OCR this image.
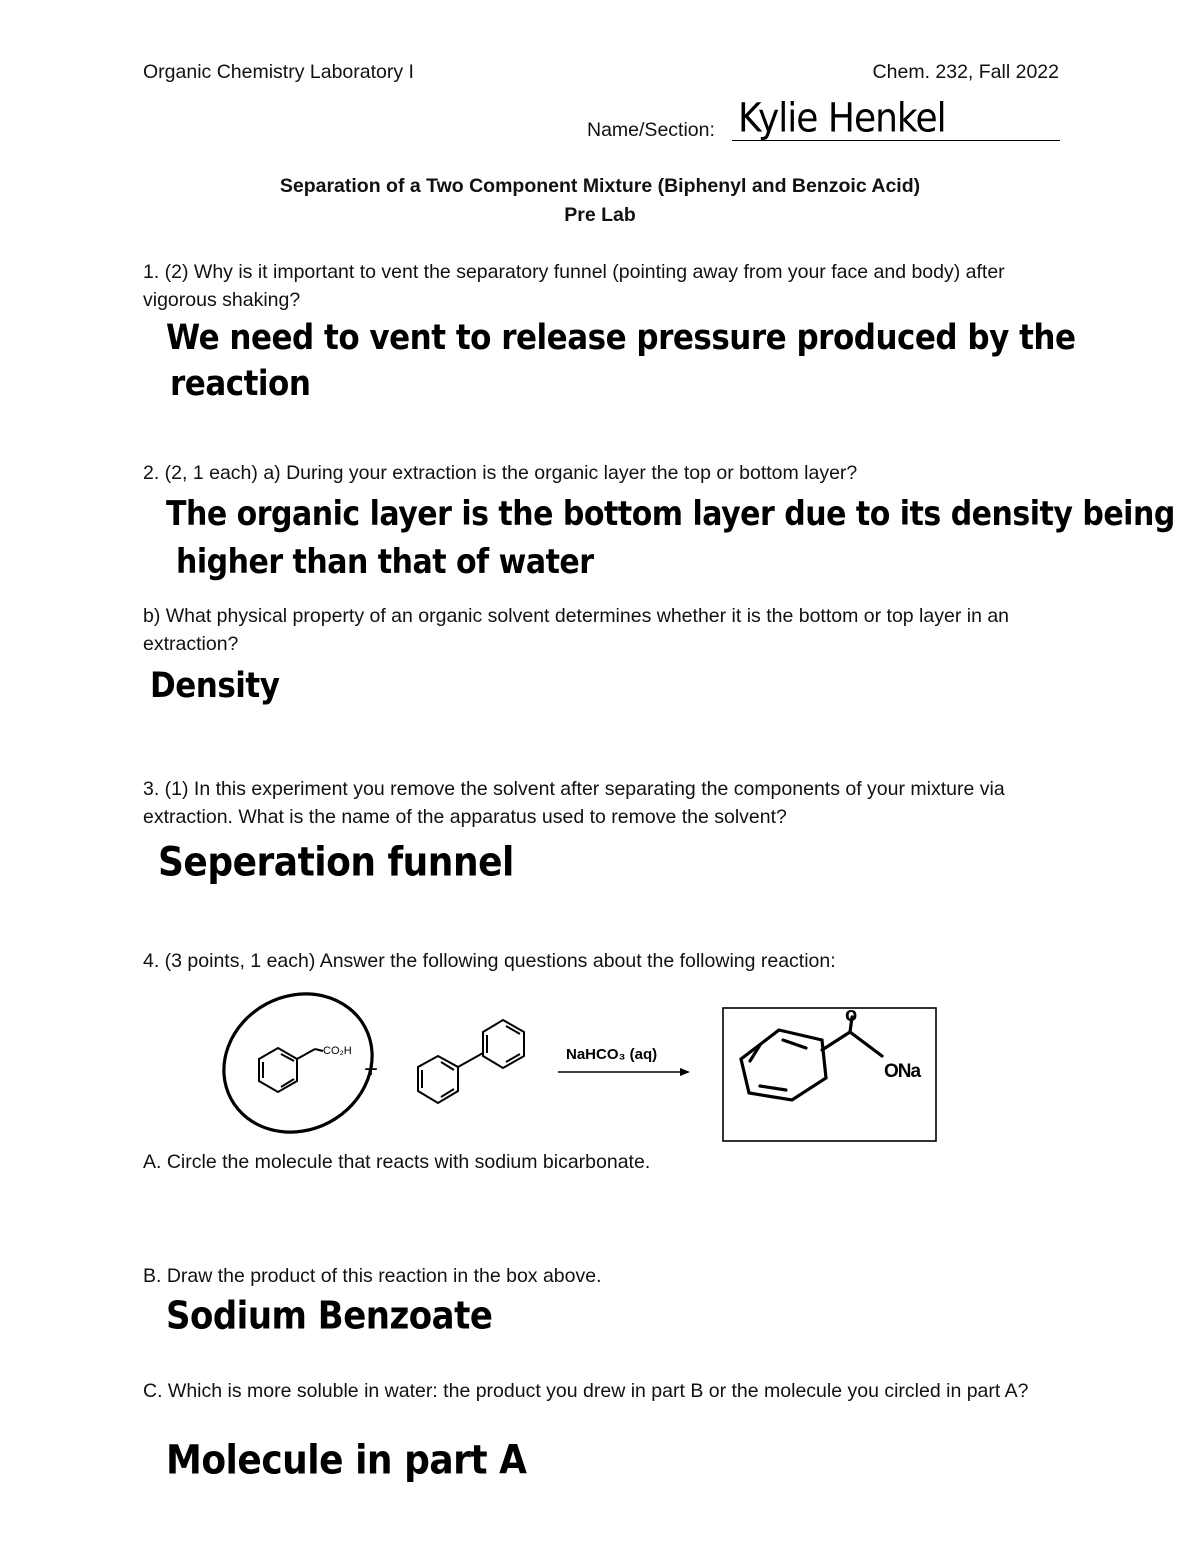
Organic Chemistry Laboratory I	Chem. 232, Fall 2022
Name/Section: Kylie Henkel
Separation of a Two Component Mixture (Biphenyl and Benzoic Acid)
Pre Lab
1. (2) Why is it important to vent the separatory funnel (pointing away from your face and body) after vigorous shaking?
We need to vent to release pressure produced by the
reaction
2. (2, 1 each) a) During your extraction is the organic layer the top or bottom layer?
The organic layer is the bottom layer due to its density being
higher than that of water
b) What physical property of an organic solvent determines whether it is the bottom or top layer in an extraction?
Density
3. (1) In this experiment you remove the solvent after separating the components of your mixture via extraction. What is the name of the apparatus used to remove the solvent?
Seperation funnel
4. (3 points, 1 each) Answer the following questions about the following reaction:
CO₂H
+
NaHCO₃ (aq)
o
ONa
A. Circle the molecule that reacts with sodium bicarbonate.
B. Draw the product of this reaction in the box above.
Sodium Benzoate
C. Which is more soluble in water: the product you drew in part B or the molecule you circled in part A?
Molecule in part A
